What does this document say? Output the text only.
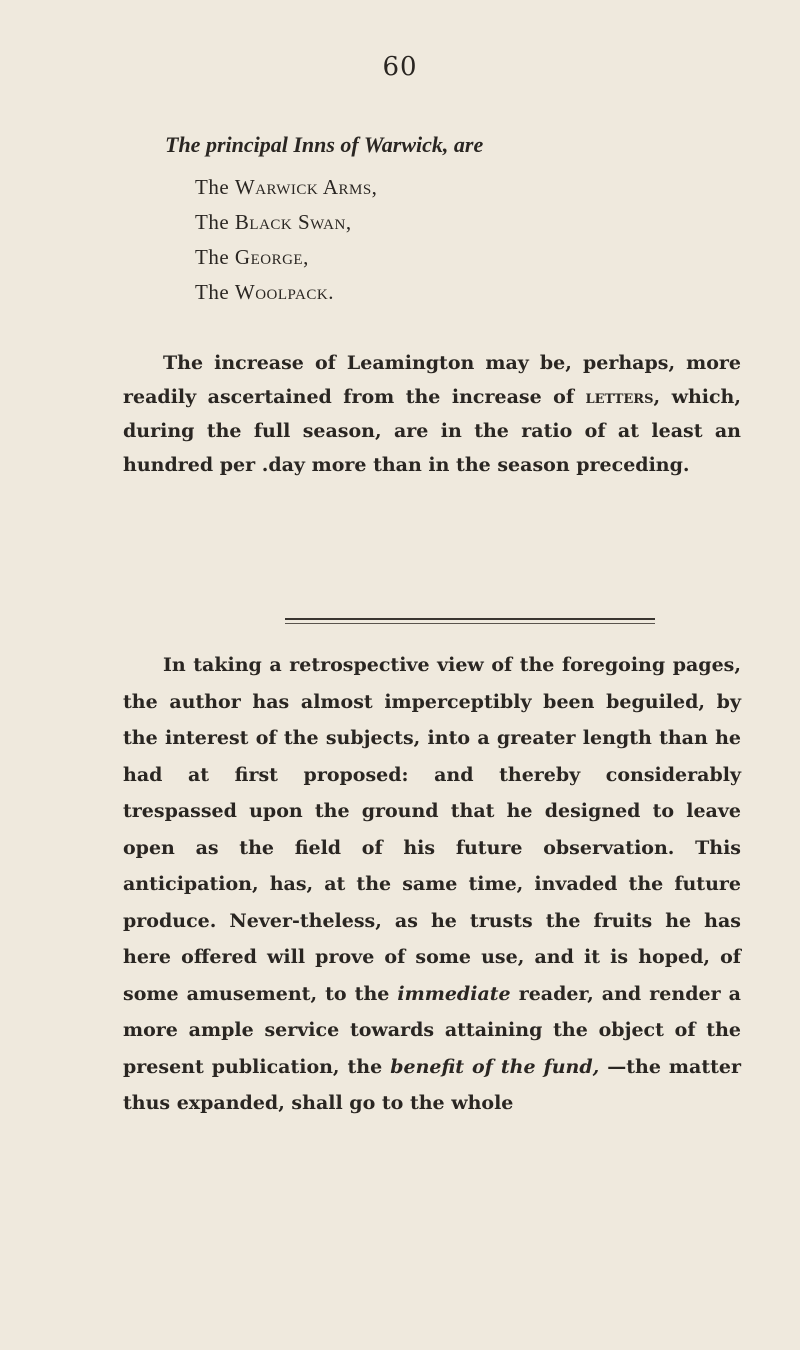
60
The principal Inns of Warwick, are
The Warwick Arms,
The Black Swan,
The George,
The Woolpack.
The increase of Leamington may be, perhaps, more readily ascertained from the increase of letters, which, during the full season, are in the ratio of at least an hundred per .day more than in the season preceding.
In taking a retrospective view of the foregoing pages, the author has almost imperceptibly been beguiled, by the interest of the subjects, into a greater length than he had at first proposed: and thereby considerably trespassed upon the ground that he designed to leave open as the field of his future observation. This anticipation, has, at the same time, invaded the future produce. Never-theless, as he trusts the fruits he has here offered will prove of some use, and it is hoped, of some amusement, to the immediate reader, and render a more ample service towards attaining the object of the present publication, the benefit of the fund, —the matter thus expanded, shall go to the whole
